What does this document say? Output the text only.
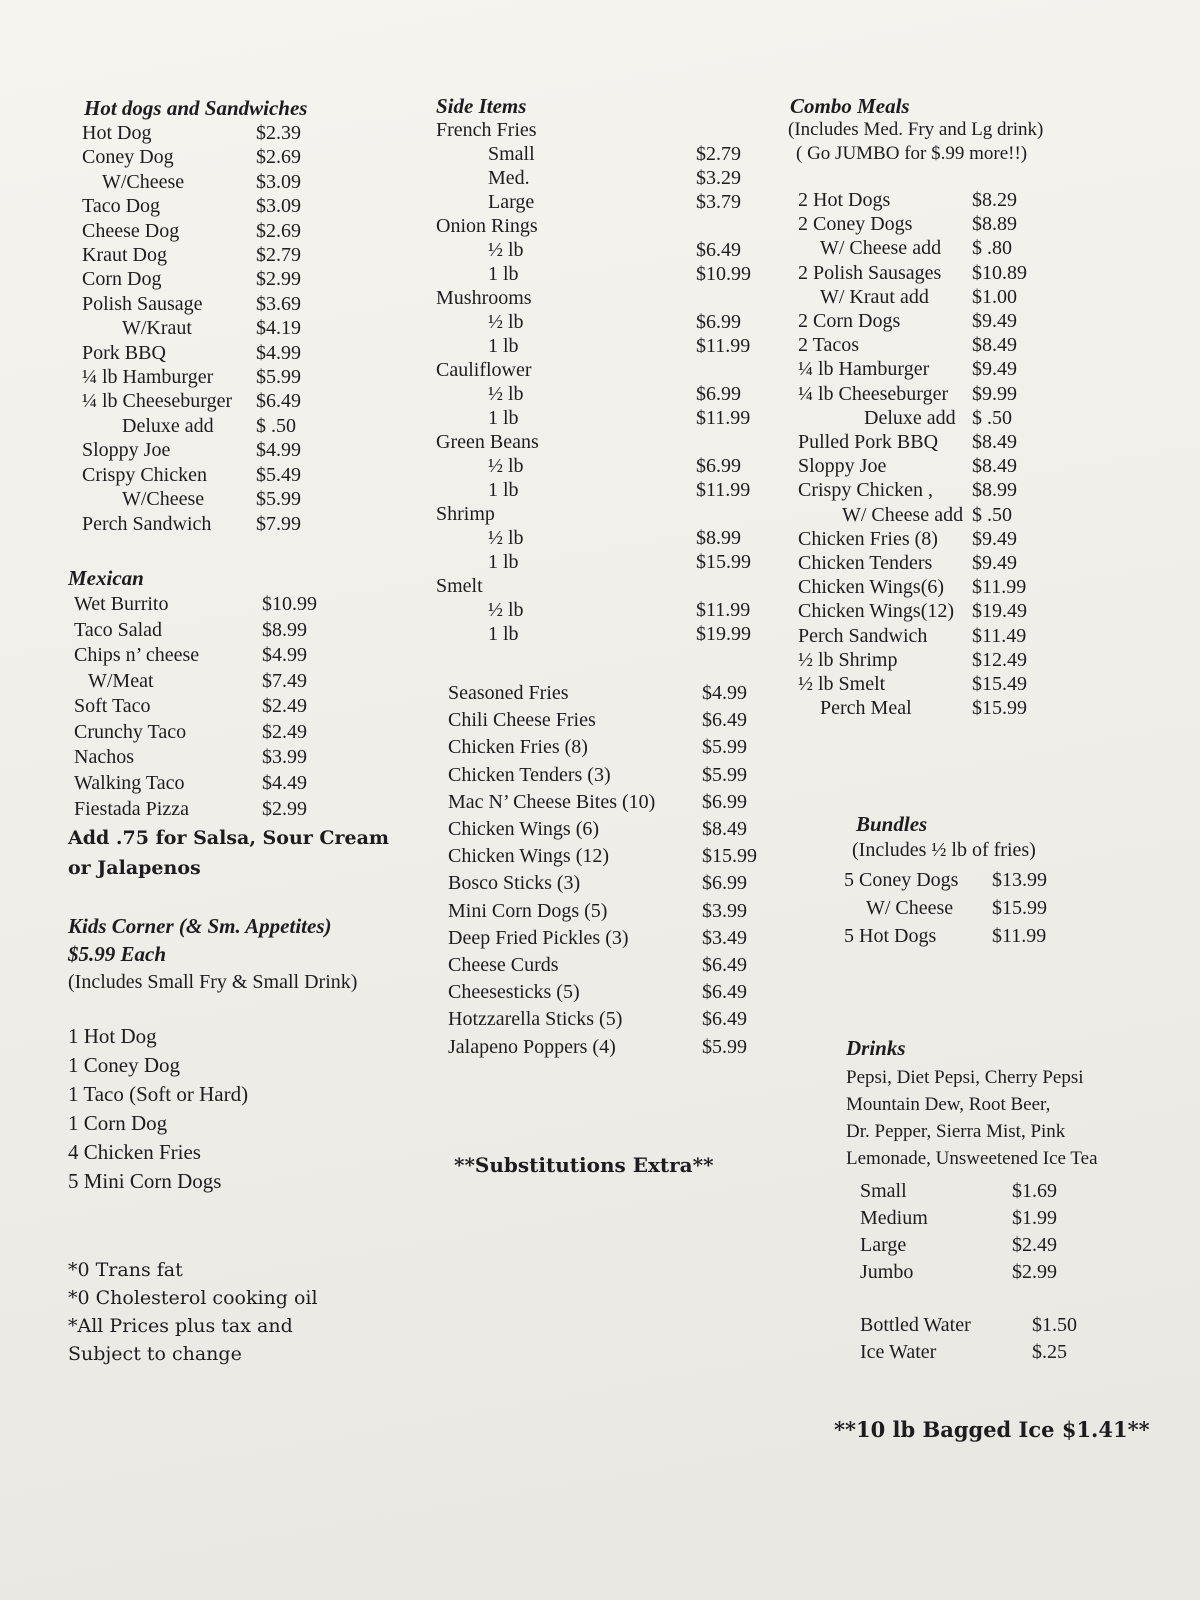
Hot dogs and Sandwiches
Hot Dog	$2.39
Coney Dog	$2.69
W/Cheese	$3.09
Taco Dog	$3.09
Cheese Dog	$2.69
Kraut Dog	$2.79
Corn Dog	$2.99
Polish Sausage	$3.69
W/Kraut	$4.19
Pork BBQ	$4.99
¼ lb Hamburger $5.99
¼ lb Cheeseburger $6.49
Deluxe add $ .50
Sloppy Joe	$4.99
Crispy Chicken $5.49
W/Cheese	$5.99
Perch Sandwich $7.99
Mexican
Wet Burrito	$10.99
Taco Salad	$8.99
Chips n’ cheese	$4.99
W/Meat	$7.49
Soft Taco	$2.49
Crunchy Taco	$2.49
Nachos	$3.99
Walking Taco	$4.49
Fiestada Pizza	$2.99
Add .75 for Salsa, Sour Cream
or Jalapenos
Kids Corner (& Sm. Appetites)
$5.99 Each
(Includes Small Fry & Small Drink)
1 Hot Dog
1 Coney Dog
1 Taco (Soft or Hard)
1 Corn Dog
4 Chicken Fries
5 Mini Corn Dogs
*0 Trans fat
*0 Cholesterol cooking oil
*All Prices plus tax and
Subject to change
Side Items
French Fries
Small	$2.79
Med.	$3.29
Large	$3.79
Onion Rings
½ lb	$6.49
1 lb	$10.99
Mushrooms
½ lb	$6.99
1 lb	$11.99
Cauliflower
½ lb	$6.99
1 lb	$11.99
Green Beans
½ lb	$6.99
1 lb	$11.99
Shrimp
½ lb	$8.99
1 lb	$15.99
Smelt
½ lb	$11.99
1 lb	$19.99
Seasoned Fries	$4.99
Chili Cheese Fries	$6.49
Chicken Fries (8)	$5.99
Chicken Tenders (3)	$5.99
Mac N’ Cheese Bites (10) $6.99
Chicken Wings (6)	$8.49
Chicken Wings (12)	$15.99
Bosco Sticks (3)	$6.99
Mini Corn Dogs (5)	$3.99
Deep Fried Pickles (3)	$3.49
Cheese Curds	$6.49
Cheesesticks (5)	$6.49
Hotzzarella Sticks (5)	$6.49
Jalapeno Poppers (4)	$5.99
**Substitutions Extra**
Combo Meals
(Includes Med. Fry and Lg drink)
( Go JUMBO for $.99 more!!)
2 Hot Dogs	$8.29
2 Coney Dogs	$8.89
W/ Cheese add $ .80
2 Polish Sausages $10.89
W/ Kraut add $1.00
2 Corn Dogs	$9.49
2 Tacos	$8.49
¼ lb Hamburger $9.49
¼ lb Cheeseburger $9.99
Deluxe add $ .50
Pulled Pork BBQ $8.49
Sloppy Joe	$8.49
Crispy Chicken , $8.99
W/ Cheese add $ .50
Chicken Fries (8) $9.49
Chicken Tenders $9.49
Chicken Wings(6) $11.99
Chicken Wings(12) $19.49
Perch Sandwich $11.49
½ lb Shrimp	$12.49
½ lb Smelt	$15.49
Perch Meal	$15.99
Bundles
(Includes ½ lb of fries)
5 Coney Dogs $13.99
W/ Cheese $15.99
5 Hot Dogs	$11.99
Drinks
Pepsi, Diet Pepsi, Cherry Pepsi
Mountain Dew, Root Beer,
Dr. Pepper, Sierra Mist, Pink
Lemonade, Unsweetened Ice Tea
Small	$1.69
Medium	$1.99
Large	$2.49
Jumbo	$2.99
Bottled Water	$1.50
Ice Water	$.25
**10 lb Bagged Ice $1.41**
